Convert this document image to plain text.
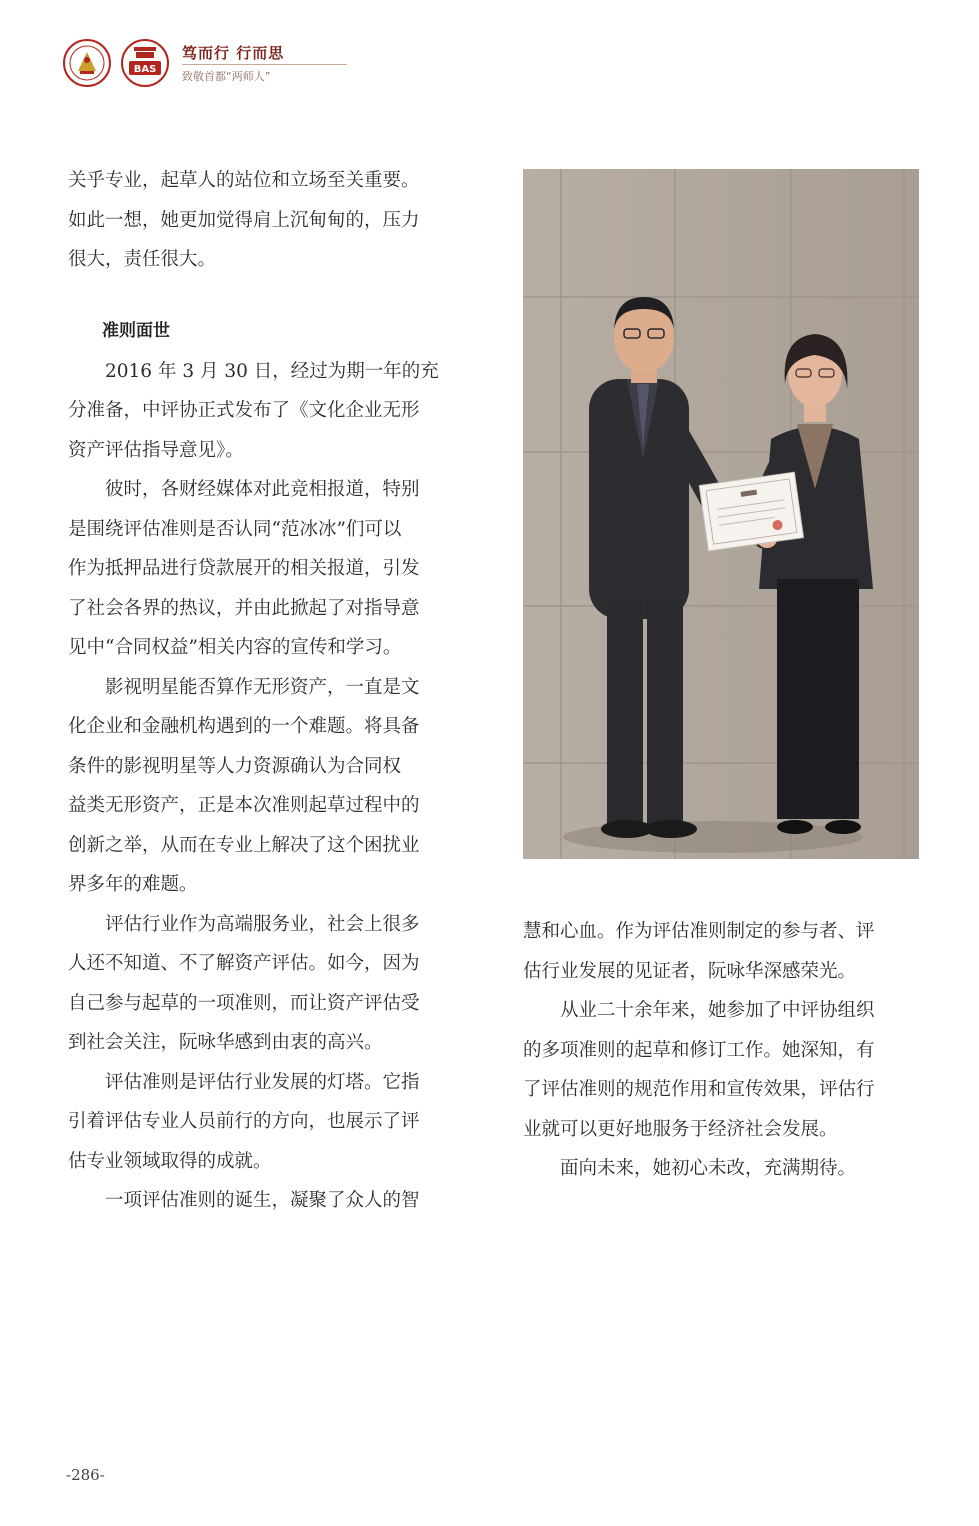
BAS
笃而行 行而思
致敬首都“两师人”

关乎专业，起草人的站位和立场至关重要。

如此一想，她更加觉得肩上沉甸甸的，压力

很大，责任很大。

准则面世

2016 年 3 月 30 日，经过为期一年的充

分准备，中评协正式发布了《文化企业无形

资产评估指导意见》。

彼时，各财经媒体对此竞相报道，特别

是围绕评估准则是否认同“范冰冰”们可以

作为抵押品进行贷款展开的相关报道，引发

了社会各界的热议，并由此掀起了对指导意

见中“合同权益”相关内容的宣传和学习。

影视明星能否算作无形资产，一直是文

化企业和金融机构遇到的一个难题。将具备

条件的影视明星等人力资源确认为合同权

益类无形资产，正是本次准则起草过程中的

创新之举，从而在专业上解决了这个困扰业

界多年的难题。

评估行业作为高端服务业，社会上很多

人还不知道、不了解资产评估。如今，因为

自己参与起草的一项准则，而让资产评估受

到社会关注，阮咏华感到由衷的高兴。

评估准则是评估行业发展的灯塔。它指

引着评估专业人员前行的方向，也展示了评

估专业领域取得的成就。

一项评估准则的诞生，凝聚了众人的智

慧和心血。作为评估准则制定的参与者、评

估行业发展的见证者，阮咏华深感荣光。

从业二十余年来，她参加了中评协组织

的多项准则的起草和修订工作。她深知，有

了评估准则的规范作用和宣传效果，评估行

业就可以更好地服务于经济社会发展。

面向未来，她初心未改，充满期待。

-286-
